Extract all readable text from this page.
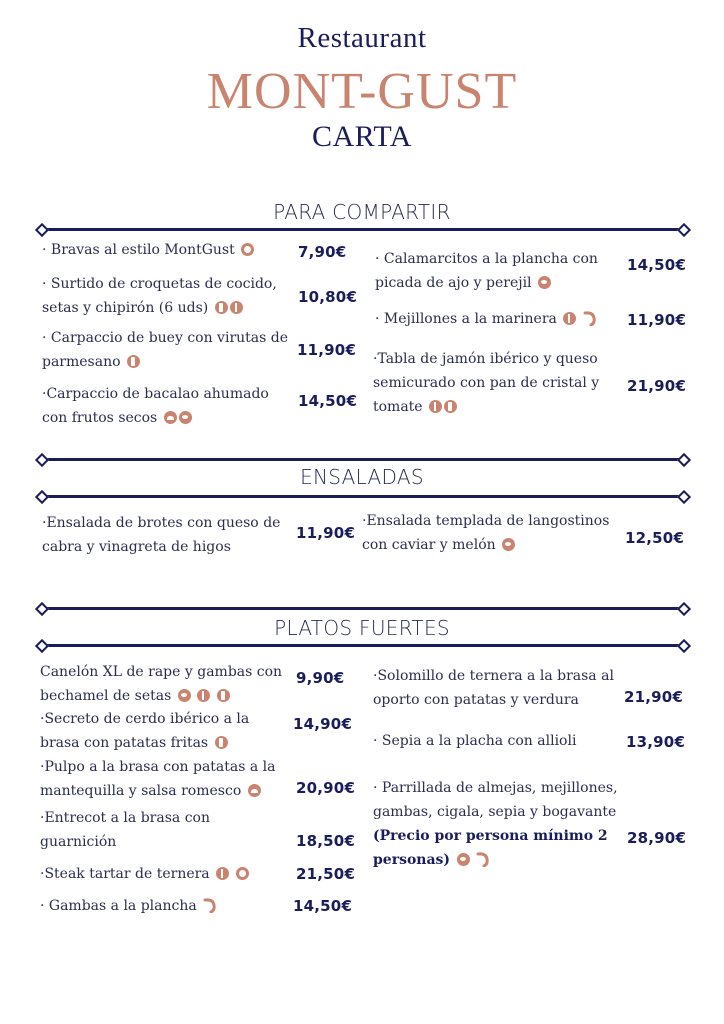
Restaurant
MONT-GUST
CARTA
PARA COMPARTIR
· Bravas al estilo MontGust	7,90€
· Surtido de croquetas de cocido, setas y chipirón (6 uds)
10,80€
· Carpaccio de buey con virutas de parmesano
11,90€
·Carpaccio de bacalao ahumado con frutos secos
14,50€
· Calamarcitos a la plancha con picada de ajo y perejil
14,50€
· Mejillones a la marinera	11,90€
·Tabla de jamón ibérico y queso semicurado con pan de cristal y tomate
21,90€
ENSALADAS
·Ensalada de brotes con queso de cabra y vinagreta de higos
11,90€
·Ensalada templada de langostinos con caviar y melón	12,50€
PLATOS FUERTES
Canelón XL de rape y gambas con bechamel de setas
9,90€
·Secreto de cerdo ibérico a la brasa con patatas fritas
14,90€
·Pulpo a la brasa con patatas a la mantequilla y salsa romesco	20,90€
·Entrecot a la brasa con guarnición	18,50€
·Steak tartar de ternera	21,50€
· Gambas a la plancha	14,50€
·Solomillo de ternera a la brasa al oporto con patatas y verdura	21,90€
· Sepia a la placha con allioli	13,90€
· Parrillada de almejas, mejillones, gambas, cigala, sepia y bogavante (Precio por persona mínimo 2 personas)
28,90€
